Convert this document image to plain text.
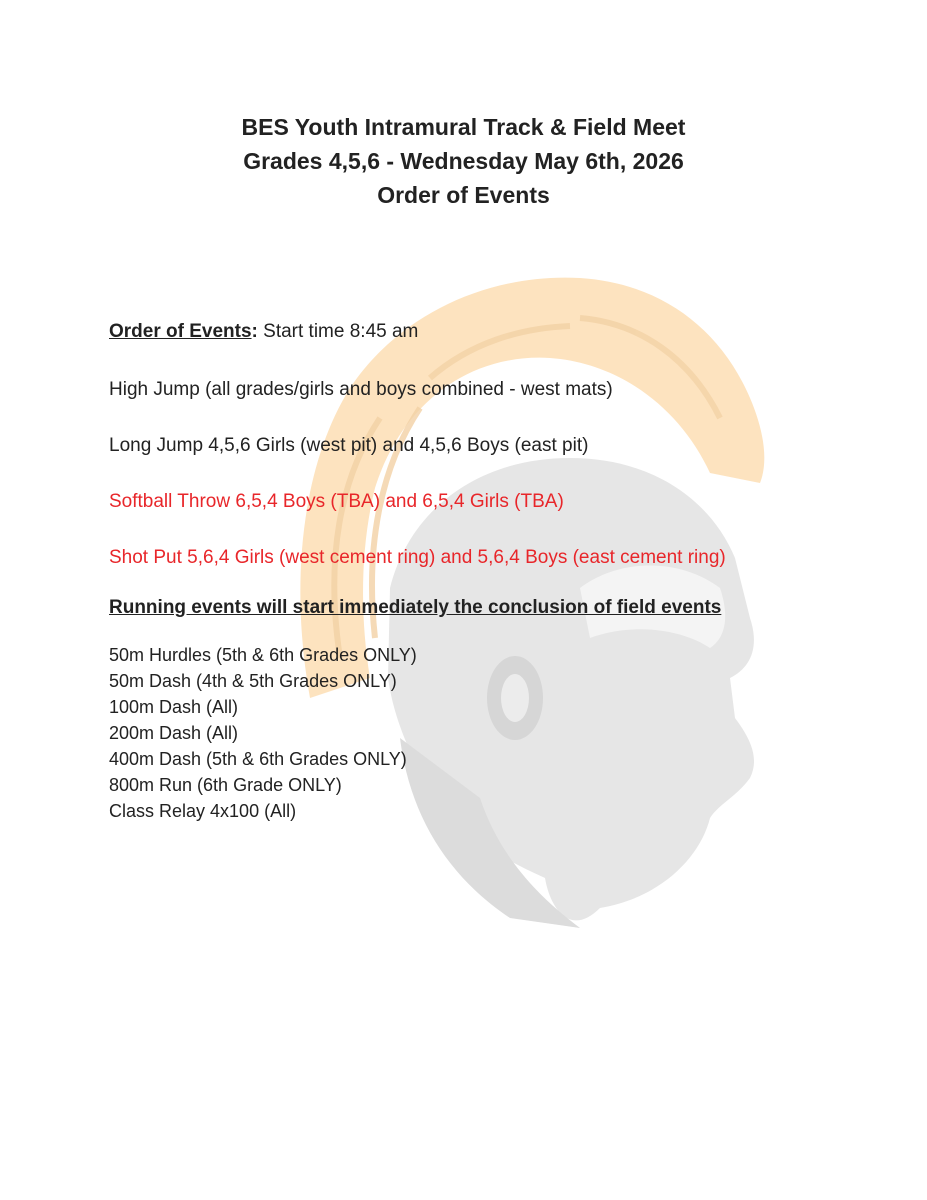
BES Youth Intramural Track & Field Meet
Grades 4,5,6 - Wednesday May 6th, 2026
Order of Events
Order of Events: Start time 8:45 am
High Jump (all grades/girls and boys combined - west mats)
Long Jump 4,5,6 Girls (west pit) and 4,5,6 Boys (east pit)
Softball Throw 6,5,4 Boys (TBA) and 6,5,4 Girls (TBA)
Shot Put 5,6,4 Girls (west cement ring) and 5,6,4 Boys (east cement ring)
Running events will start immediately the conclusion of field events
50m Hurdles (5th & 6th Grades ONLY)
50m Dash (4th & 5th Grades ONLY)
100m Dash (All)
200m Dash (All)
400m Dash (5th & 6th Grades ONLY)
800m Run (6th Grade ONLY)
Class Relay 4x100 (All)
